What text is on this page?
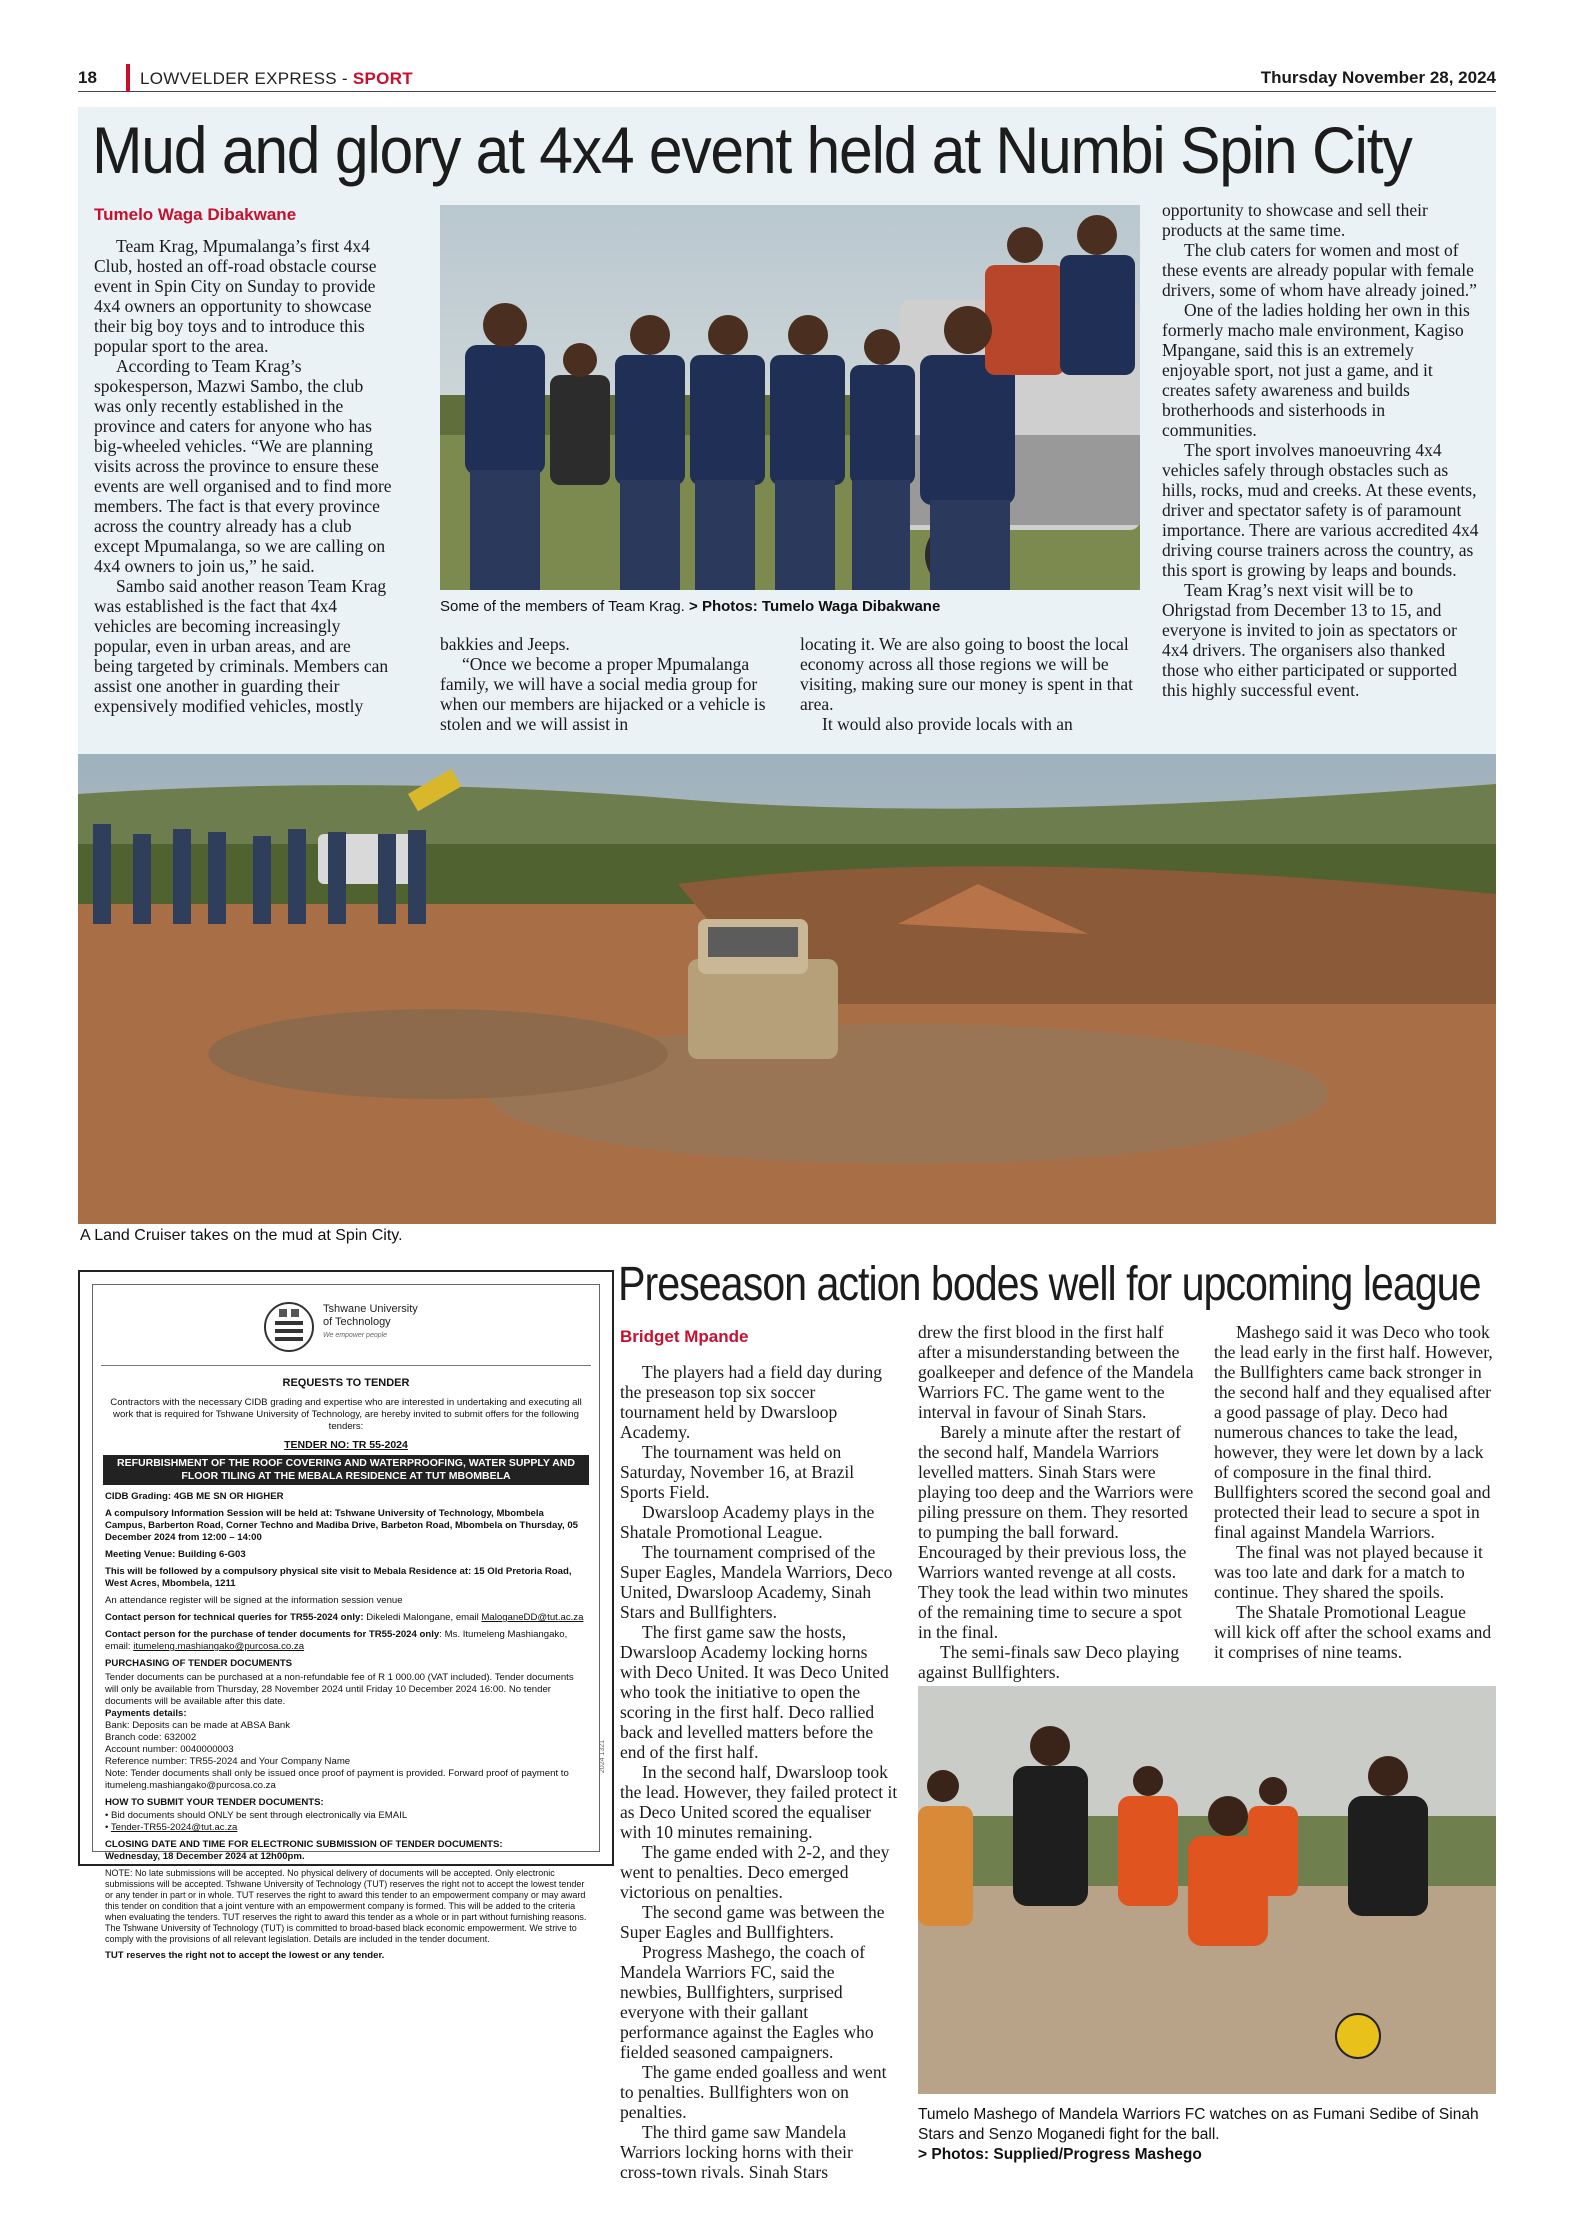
18	LOWVELDER EXPRESS - SPORT	Thursday November 28, 2024
Mud and glory at 4x4 event held at Numbi Spin City
Tumelo Waga Dibakwane

Team Krag, Mpumalanga’s first 4x4 Club, hosted an off-road obstacle course event in Spin City on Sunday to provide 4x4 owners an opportunity to showcase their big boy toys and to introduce this popular sport to the area.

According to Team Krag’s spokesperson, Mazwi Sambo, the club was only recently established in the province and caters for anyone who has big-wheeled vehicles. “We are planning visits across the province to ensure these events are well organised and to find more members. The fact is that every province across the country already has a club except Mpumalanga, so we are calling on 4x4 owners to join us,” he said.

Sambo said another reason Team Krag was established is the fact that 4x4 vehicles are becoming increasingly popular, even in urban areas, and are being targeted by criminals. Members can assist one another in guarding their expensively modified vehicles, mostly

Some of the members of Team Krag. > Photos: Tumelo Waga Dibakwane

bakkies and Jeeps.

“Once we become a proper Mpumalanga family, we will have a social media group for when our members are hijacked or a vehicle is stolen and we will assist in

locating it. We are also going to boost the local economy across all those regions we will be visiting, making sure our money is spent in that area.

It would also provide locals with an

opportunity to showcase and sell their products at the same time.

The club caters for women and most of these events are already popular with female drivers, some of whom have already joined.”

One of the ladies holding her own in this formerly macho male environment, Kagiso Mpangane, said this is an extremely enjoyable sport, not just a game, and it creates safety awareness and builds brotherhoods and sisterhoods in communities.

The sport involves manoeuvring 4x4 vehicles safely through obstacles such as hills, rocks, mud and creeks. At these events, driver and spectator safety is of paramount importance. There are various accredited 4x4 driving course trainers across the country, as this sport is growing by leaps and bounds.

Team Krag’s next visit will be to Ohrigstad from December 13 to 15, and everyone is invited to join as spectators or 4x4 drivers. The organisers also thanked those who either participated or supported this highly successful event.

A Land Cruiser takes on the mud at Spin City.
Tshwane University
of Technology
We empower people
REQUESTS TO TENDER

Contractors with the necessary CIDB grading and expertise who are interested in undertaking and executing all work that is required for Tshwane University of Technology, are hereby invited to submit offers for the following tenders:

TENDER NO: TR 55-2024
REFURBISHMENT OF THE ROOF COVERING AND WATERPROOFING, WATER SUPPLY AND FLOOR TILING AT THE MEBALA RESIDENCE AT TUT MBOMBELA

CIDB Grading: 4GB ME SN OR HIGHER

A compulsory Information Session will be held at: Tshwane University of Technology, Mbombela Campus, Barberton Road, Corner Techno and Madiba Drive, Barbeton Road, Mbombela on Thursday, 05 December 2024 from 12:00 – 14:00

Meeting Venue: Building 6-G03

This will be followed by a compulsory physical site visit to Mebala Residence at: 15 Old Pretoria Road, West Acres, Mbombela, 1211

An attendance register will be signed at the information session venue

Contact person for technical queries for TR55-2024 only: Dikeledi Malongane, email MaloganeDD@tut.ac.za

Contact person for the purchase of tender documents for TR55-2024 only: Ms. Itumeleng Mashiangako, email: itumeleng.mashiangako@purcosa.co.za

PURCHASING OF TENDER DOCUMENTS

Tender documents can be purchased at a non-refundable fee of R 1 000.00 (VAT included). Tender documents will only be available from Thursday, 28 November 2024 until Friday 10 December 2024 16:00. No tender documents will be available after this date.

Payments details:
Bank: Deposits can be made at ABSA Bank
Branch code: 632002
Account number: 0040000003
Reference number: TR55-2024 and Your Company Name

Note: Tender documents shall only be issued once proof of payment is provided. Forward proof of payment to itumeleng.mashiangako@purcosa.co.za

HOW TO SUBMIT YOUR TENDER DOCUMENTS:

• Bid documents should ONLY be sent through electronically via EMAIL
• Tender-TR55-2024@tut.ac.za
CLOSING DATE AND TIME FOR ELECTRONIC SUBMISSION OF TENDER DOCUMENTS:

Wednesday, 18 December 2024 at 12h00pm.

NOTE: No late submissions will be accepted. No physical delivery of documents will be accepted. Only electronic submissions will be accepted. Tshwane University of Technology (TUT) reserves the right not to accept the lowest tender or any tender in part or in whole. TUT reserves the right to award this tender to an empowerment company or may award this tender on condition that a joint venture with an empowerment company is formed. This will be added to the criteria when evaluating the tenders. TUT reserves the right to award this tender as a whole or in part without furnishing reasons. The Tshwane University of Technology (TUT) is committed to broad-based black economic empowerment. We strive to comply with the provisions of all relevant legislation. Details are included in the tender document.

TUT reserves the right not to accept the lowest or any tender.

2024 1321
Preseason action bodes well for upcoming league
Bridget Mpande

The players had a field day during the preseason top six soccer tournament held by Dwarsloop Academy.

The tournament was held on Saturday, November 16, at Brazil Sports Field.

Dwarsloop Academy plays in the Shatale Promotional League.

The tournament comprised of the Super Eagles, Mandela Warriors, Deco United, Dwarsloop Academy, Sinah Stars and Bullfighters.

The first game saw the hosts, Dwarsloop Academy locking horns with Deco United. It was Deco United who took the initiative to open the scoring in the first half. Deco rallied back and levelled matters before the end of the first half.

In the second half, Dwarsloop took the lead. However, they failed protect it as Deco United scored the equaliser with 10 minutes remaining.

The game ended with 2-2, and they went to penalties. Deco emerged victorious on penalties.

The second game was between the Super Eagles and Bullfighters.

Progress Mashego, the coach of Mandela Warriors FC, said the newbies, Bullfighters, surprised everyone with their gallant performance against the Eagles who fielded seasoned campaigners.

The game ended goalless and went to penalties. Bullfighters won on penalties.

The third game saw Mandela Warriors locking horns with their cross-town rivals. Sinah Stars

drew the first blood in the first half after a misunderstanding between the goalkeeper and defence of the Mandela Warriors FC. The game went to the interval in favour of Sinah Stars.

Barely a minute after the restart of the second half, Mandela Warriors levelled matters. Sinah Stars were playing too deep and the Warriors were piling pressure on them. They resorted to pumping the ball forward. Encouraged by their previous loss, the Warriors wanted revenge at all costs. They took the lead within two minutes of the remaining time to secure a spot in the final.

The semi-finals saw Deco playing against Bullfighters.

Mashego said it was Deco who took the lead early in the first half. However, the Bullfighters came back stronger in the second half and they equalised after a good passage of play. Deco had numerous chances to take the lead, however, they were let down by a lack of composure in the final third. Bullfighters scored the second goal and protected their lead to secure a spot in final against Mandela Warriors.

The final was not played because it was too late and dark for a match to continue. They shared the spoils.

The Shatale Promotional League will kick off after the school exams and it comprises of nine teams.

Tumelo Mashego of Mandela Warriors FC watches on as Fumani Sedibe of Sinah Stars and Senzo Moganedi fight for the ball.
> Photos: Supplied/Progress Mashego
